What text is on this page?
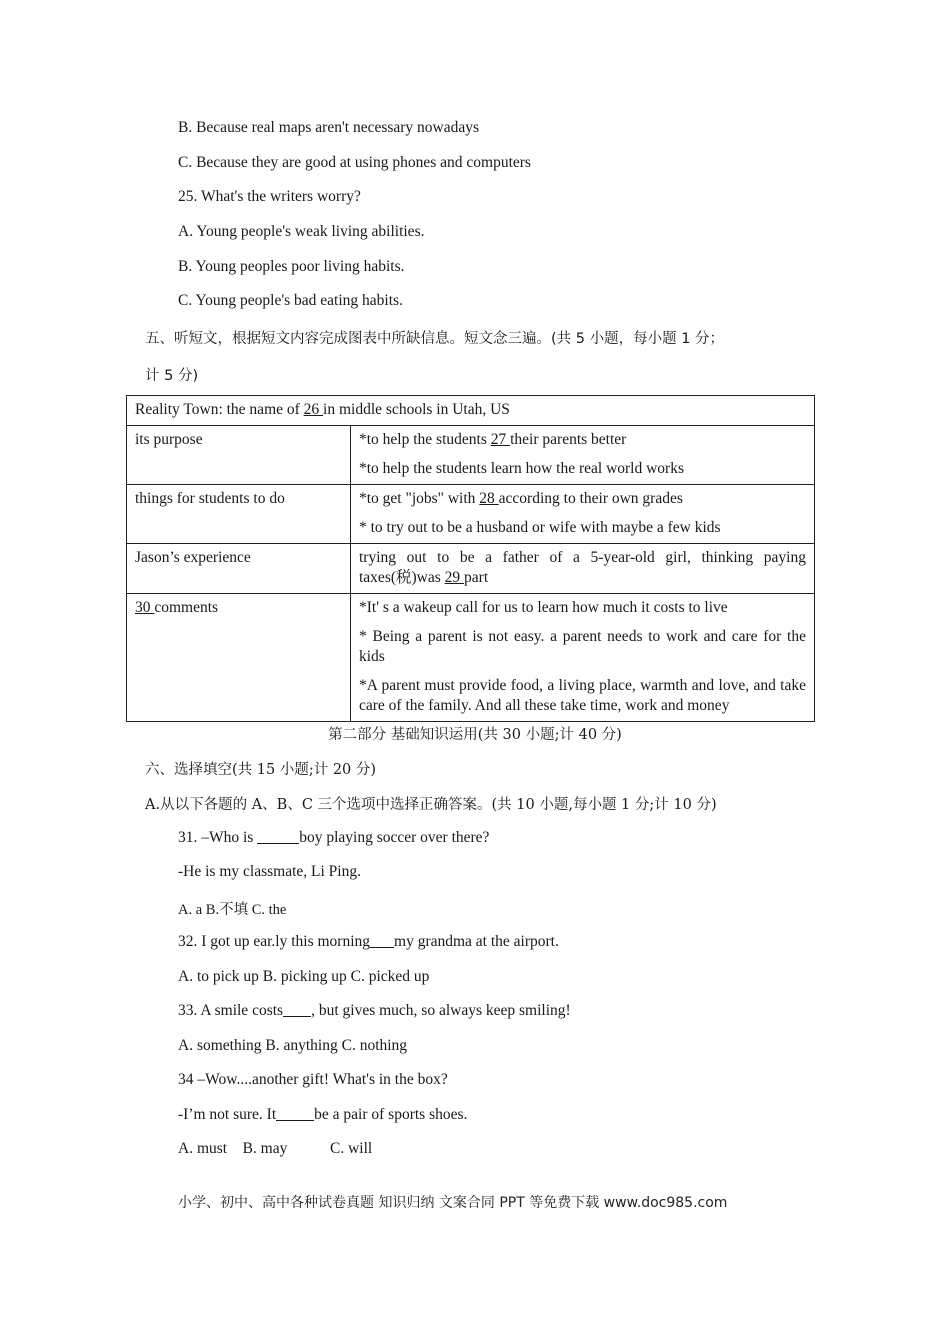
B. Because real maps aren't necessary nowadays
C. Because they are good at using phones and computers
25. What's the writers worry?
A. Young people's weak living abilities.
B. Young peoples poor living habits.
C. Young people's bad eating habits.
五、听短文，根据短文内容完成图表中所缺信息。短文念三遍。(共 5 小题，每小题 1 分；
计 5 分)
Reality Town: the name of 26 in middle schools in Utah, US	
its purpose	*to help the students 27 their parents better
*to help the students learn how the real world works

things for students to do	*to get "jobs" with 28 according to their own grades
* to try out to be a husband or wife with maybe a few kids

Jason’s experience	trying out to be a father of a 5-year-old girl, thinking paying taxes(税)was 29 part
30 comments	*It' s a wakeup call for us to learn how much it costs to live
* Being a parent is not easy. a parent needs to work and care for the kids
*A parent must provide food, a living place, warmth and love, and take care of the family. And all these take time, work and money
第二部分 基础知识运用(共 30 小题;计 40 分)
六、选择填空(共 15 小题;计 20 分)
A.从以下各题的 A、B、C 三个选项中选择正确答案。(共 10 小题,每小题 1 分;计 10 分)
31. –Who is	boy playing soccer over there?
-He is my classmate, Li Ping.
A. a B.不填 C. the
32. I got up ear.ly this morning my grandma at the airport.
A. to pick up B. picking up C. picked up
33. A smile costs , but gives much, so always keep smiling!
A. something B. anything C. nothing
34 –Wow....another gift! What's in the box?
-I’m not sure. It be a pair of sports shoes.
A. must    B. may           C. will
小学、初中、高中各种试卷真题 知识归纳 文案合同 PPT 等免费下载 www.doc985.com
